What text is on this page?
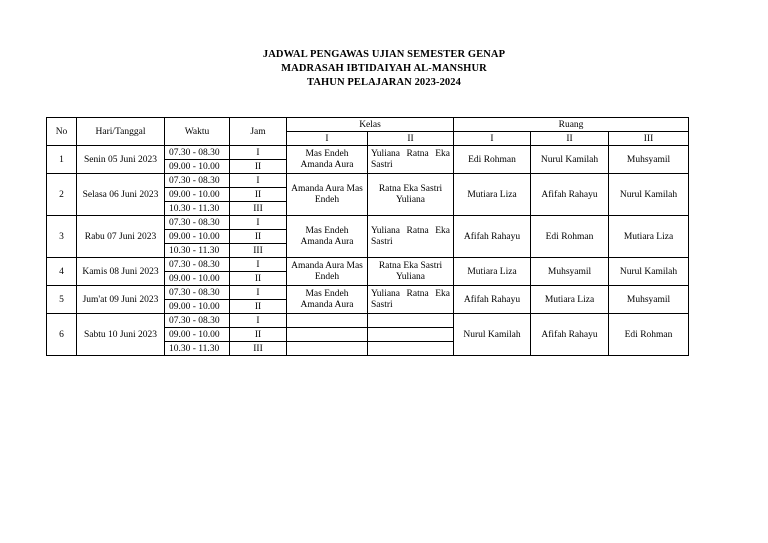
JADWAL PENGAWAS UJIAN SEMESTER GENAP
MADRASAH IBTIDAIYAH AL-MANSHUR
TAHUN PELAJARAN 2023-2024
No	Hari/Tanggal	Waktu	Jam	Kelas		Ruang		
				I	II	I	II	III
1	Senin 05 Juni 2023	07.30 - 08.30	I	Mas Endeh Amanda Aura	Yuliana Ratna Eka Sastri	Edi Rohman	Nurul Kamilah	Muhsyamil
		09.00 - 10.00	II					
2	Selasa 06 Juni 2023	07.30 - 08.30	I	Amanda Aura Mas Endeh	Ratna Eka Sastri Yuliana	Mutiara Liza	Afifah Rahayu	Nurul Kamilah
		09.00 - 10.00	II					
		10.30 - 11.30	III					
3	Rabu 07 Juni 2023	07.30 - 08.30	I	Mas Endeh Amanda Aura	Yuliana Ratna Eka Sastri	Afifah Rahayu	Edi Rohman	Mutiara Liza
		09.00 - 10.00	II					
		10.30 - 11.30	III					
4	Kamis 08 Juni 2023	07.30 - 08.30	I	Amanda Aura Mas Endeh	Ratna Eka Sastri Yuliana	Mutiara Liza	Muhsyamil	Nurul Kamilah
		09.00 - 10.00	II					
5	Jum'at 09 Juni 2023	07.30 - 08.30	I	Mas Endeh Amanda Aura	Yuliana Ratna Eka Sastri	Afifah Rahayu	Mutiara Liza	Muhsyamil
		09.00 - 10.00	II					
6	Sabtu 10 Juni 2023	07.30 - 08.30	I			Nurul Kamilah	Afifah Rahayu	Edi Rohman
		09.00 - 10.00	II					
		10.30 - 11.30	III					
